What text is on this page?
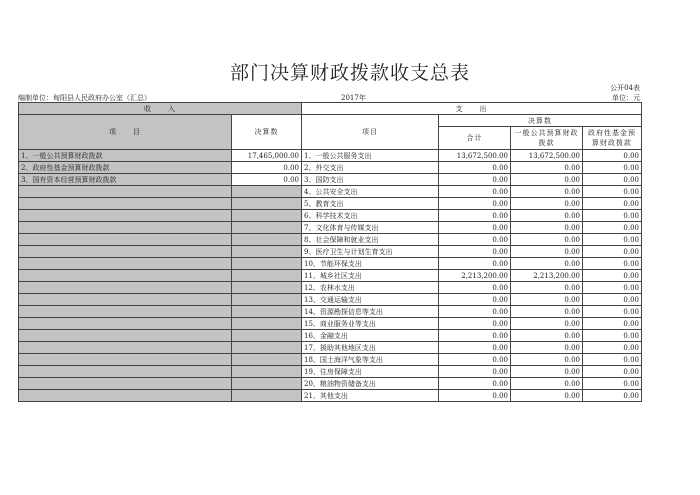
部门决算财政拨款收支总表
公开04表
编制单位：甸阳县人民政府办公室（汇总）	2017年	单位：元
收　　入		支　　出			
项　　目	决算数	项目	决算数		
			合计	一般公共预算财政拨款	政府性基金预算财政拨款
1、一般公共预算财政拨款	17,465,000.00	1、一般公共服务支出	13,672,500.00	13,672,500.00	0.00
2、政府性基金预算财政拨款	0.00	2、外交支出	0.00	0.00	0.00
3、国有资本经营预算财政拨款	0.00	3、国防支出	0.00	0.00	0.00
		4、公共安全支出	0.00	0.00	0.00
		5、教育支出	0.00	0.00	0.00
		6、科学技术支出	0.00	0.00	0.00
		7、文化体育与传媒支出	0.00	0.00	0.00
		8、社会保障和就业支出	0.00	0.00	0.00
		9、医疗卫生与计划生育支出	0.00	0.00	0.00
		10、节能环保支出	0.00	0.00	0.00
		11、城乡社区支出	2,213,200.00	2,213,200.00	0.00
		12、农林水支出	0.00	0.00	0.00
		13、交通运输支出	0.00	0.00	0.00
		14、资源勘探信息等支出	0.00	0.00	0.00
		15、商业服务业等支出	0.00	0.00	0.00
		16、金融支出	0.00	0.00	0.00
		17、援助其他地区支出	0.00	0.00	0.00
		18、国土海洋气象等支出	0.00	0.00	0.00
		19、住房保障支出	0.00	0.00	0.00
		20、粮油物资储备支出	0.00	0.00	0.00
		21、其他支出	0.00	0.00	0.00
